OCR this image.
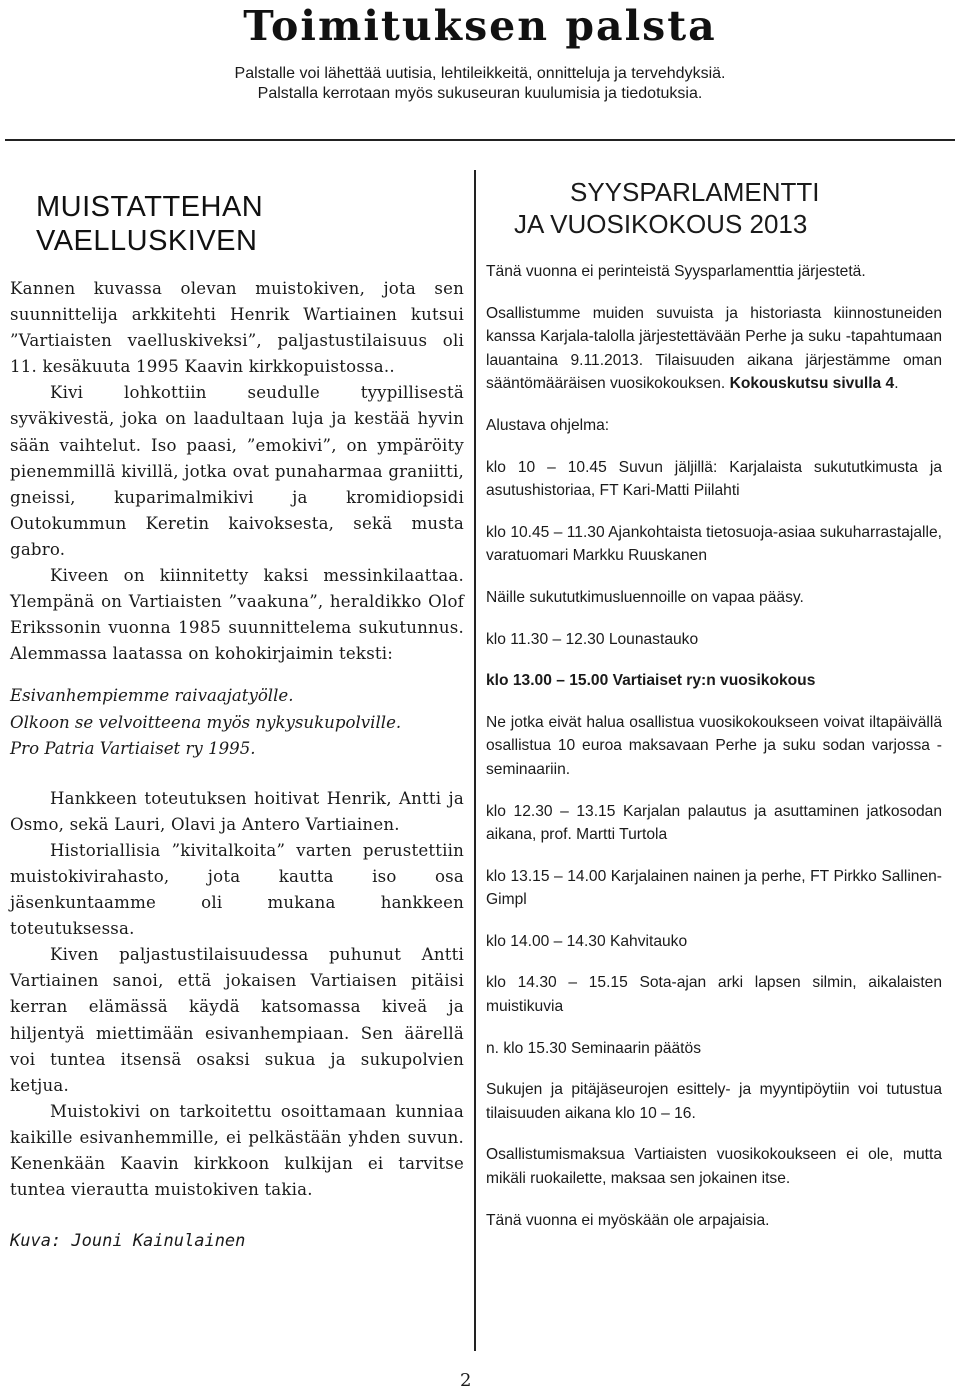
Toimituksen palsta
Palstalle voi lähettää uutisia, lehtileikkeitä, onnitteluja ja tervehdyksiä.
Palstalla kerrotaan myös sukuseuran kuulumisia ja tiedotuksia.
MUISTATTEHAN VAELLUSKIVEN

Kannen kuvassa olevan muistokiven, jota sen suunnittelija arkkitehti Henrik Wartiainen kutsui ”Vartiaisten vaelluskiveksi”, paljastustilaisuus oli 11. kesäkuuta 1995 Kaavin kirkkopuistossa..

Kivi lohkottiin seudulle tyypillisestä syväkivestä, joka on laadultaan luja ja kestää hyvin sään vaihtelut. Iso paasi, ”emokivi”, on ympäröity pienemmillä kivillä, jotka ovat punaharmaa graniitti, gneissi, kuparimalmikivi ja kromidiopsidi Outokummun Keretin kaivoksesta, sekä musta gabro.

Kiveen on kiinnitetty kaksi messinkilaattaa. Ylempänä on Vartiaisten ”vaakuna”, heraldikko Olof Erikssonin vuonna 1985 suunnittelema sukutunnus. Alemmassa laatassa on kohokirjaimin teksti:

Esivanhempiemme raivaajatyölle.
Olkoon se velvoitteena myös nykysukupolville.
Pro Patria Vartiaiset ry 1995.

Hankkeen toteutuksen hoitivat Henrik, Antti ja Osmo, sekä Lauri, Olavi ja Antero Vartiainen.

Historiallisia ”kivitalkoita” varten perustettiin muistokivirahasto, jota kautta iso osa jäsenkuntaamme oli mukana hankkeen toteutuksessa.

Kiven paljastustilaisuudessa puhunut Antti Vartiainen sanoi, että jokaisen Vartiaisen pitäisi kerran elämässä käydä katsomassa kiveä ja hiljentyä miettimään esivanhempiaan. Sen äärellä voi tuntea itsensä osaksi sukua ja sukupolvien ketjua.

Muistokivi on tarkoitettu osoittamaan kunniaa kaikille esivanhemmille, ei pelkästään yhden suvun. Kenenkään Kaavin kirkkoon kulkijan ei tarvitse tuntea vierautta muistokiven takia.

Kuva: Jouni Kainulainen
SYYSPARLAMENTTI
JA VUOSIKOKOUS 2013

Tänä vuonna ei perinteistä Syysparlamenttia järjestetä.

Osallistumme muiden suvuista ja historiasta kiinnostuneiden kanssa Karjala-talolla järjestettävään Perhe ja suku -tapahtumaan lauantaina 9.11.2013. Tilaisuuden aikana järjestämme oman sääntömääräisen vuosikokouksen. Kokouskutsu sivulla 4.

Alustava ohjelma:

klo 10 – 10.45 Suvun jäljillä: Karjalaista sukututkimusta ja asutushistoriaa, FT Kari-Matti Piilahti

klo 10.45 – 11.30 Ajankohtaista tietosuoja-asiaa sukuharrastajalle, varatuomari Markku Ruuskanen

Näille sukututkimusluennoille on vapaa pääsy.

klo 11.30 – 12.30 Lounastauko

klo 13.00 – 15.00 Vartiaiset ry:n vuosikokous

Ne jotka eivät halua osallistua vuosikokoukseen voivat iltapäivällä osallistua 10 euroa maksavaan Perhe ja suku sodan varjossa -seminaariin.

klo 12.30 – 13.15 Karjalan palautus ja asuttaminen jatkosodan aikana, prof. Martti Turtola

klo 13.15 – 14.00 Karjalainen nainen ja perhe, FT Pirkko Sallinen-Gimpl

klo 14.00 – 14.30 Kahvitauko

klo 14.30 – 15.15 Sota-ajan arki lapsen silmin, aikalaisten muistikuvia

n. klo 15.30 Seminaarin päätös

Sukujen ja pitäjäseurojen esittely- ja myyntipöytiin voi tutustua tilaisuuden aikana klo 10 – 16.

Osallistumismaksua Vartiaisten vuosikokoukseen ei ole, mutta mikäli ruokailette, maksaa sen jokainen itse.

Tänä vuonna ei myöskään ole arpajaisia.

2
